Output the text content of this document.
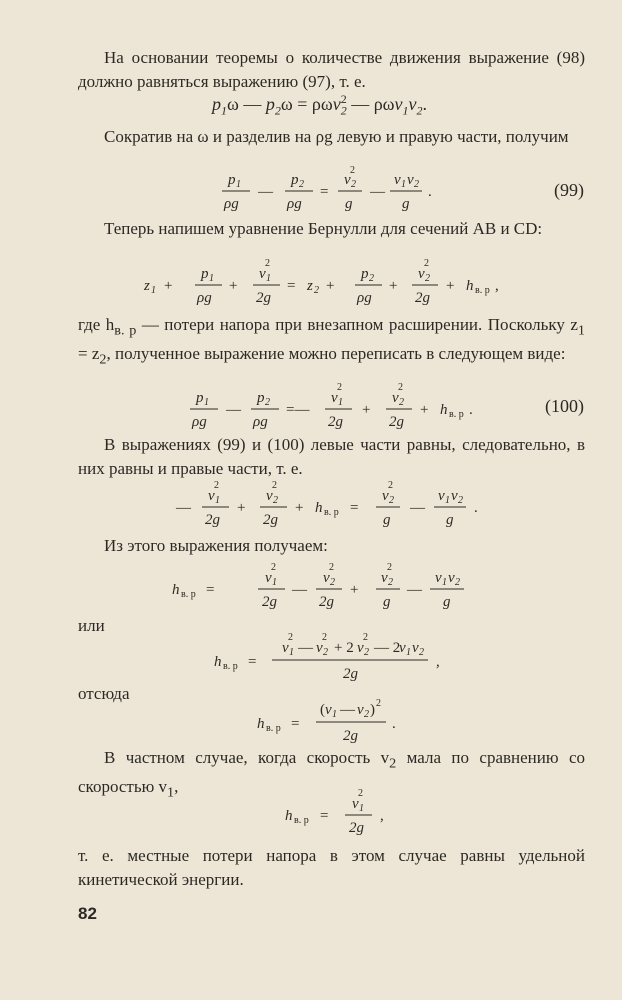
На основании теоремы о количестве движения выражение (98) должно равняться выражению (97), т. е.
$p_1\omega$ — $p_2\omega = \rho\omega v_2^2$ — $\rho\omega v_1v_2$.
Сократив на ω и разделив на ρg левую и правую части, получим
p 1
ρg
—
p 2
ρg
=
v 2
2
g
—
v 1 v 2
g
.	(99)
Теперь напишем уравнение Бернулли для сечений AB и CD:
z 1 +
p 1
ρg
+
v 1
2
2g
= z 2 +
p 2
ρg
+
v 2
2
2g
+ h в. р ,
где $h_{в. р}$ — потери напора при внезапном расширении. Поскольку $z_1 = z_2$, полученное выражение можно переписать в следующем виде:
p 1
ρg
—
p 2
ρg
=—
v 1
2
2g
+
v 2
2
2g
+ h в. р .	(100)
В выражениях (99) и (100) левые части равны, следовательно, в них равны и правые части, т. е.
—
v 1
2
2g
+
v 2
2
2g
+ h в. р =
v 2
2
g
—
v 1 v 2
g
.
Из этого выражения получаем:
h в. р =
v 1
2
2g
—
v 2
2
2g
+
v 2
2
g
—
v 1 v 2
g
или
h в. р =
v 1
2
— v 2
2
+ 2 v 2
2
— 2
v 1 v 2
2g
,
отсюда
h в. р =
( v 1 — v 2 ) 2
2g
.
В частном случае, когда скорость $v_2$ мала по сравнению со скоростью $v_1$,
h в. р =
v 1
2
2g
,
т. е. местные потери напора в этом случае равны удельной кинетической энергии.
82
